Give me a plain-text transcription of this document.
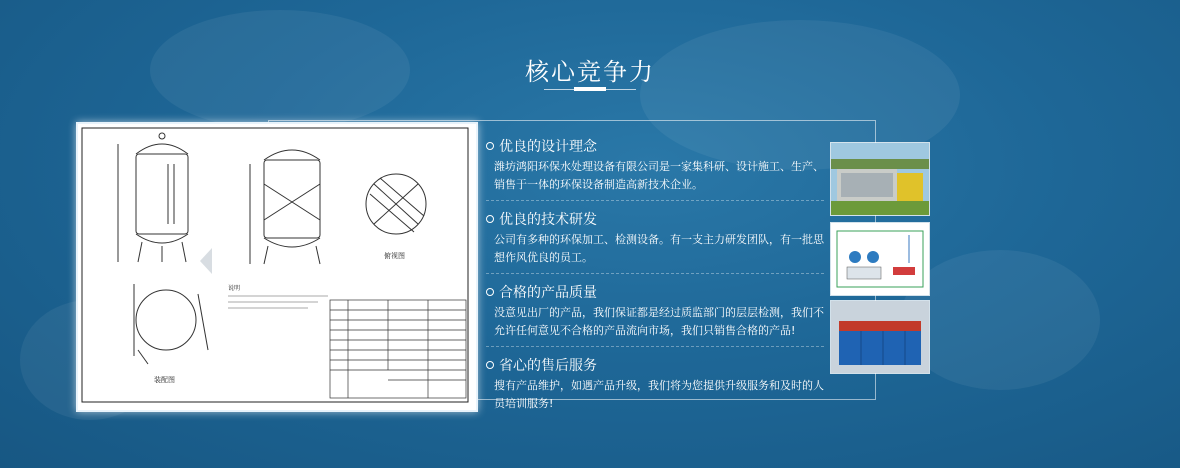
核心竞争力
俯视图
装配图
说明
优良的设计理念
潍坊鸿阳环保水处理设备有限公司是一家集科研、设计施工、生产、销售于一体的环保设备制造高新技术企业。
优良的技术研发
公司有多种的环保加工、检测设备。有一支主力研发团队，有一批思想作风优良的员工。
合格的产品质量
没意见出厂的产品，我们保证都是经过质监部门的层层检测，我们不允许任何意见不合格的产品流向市场，我们只销售合格的产品!
省心的售后服务
搜有产品维护，如遇产品升级，我们将为您提供升级服务和及时的人员培训服务!
